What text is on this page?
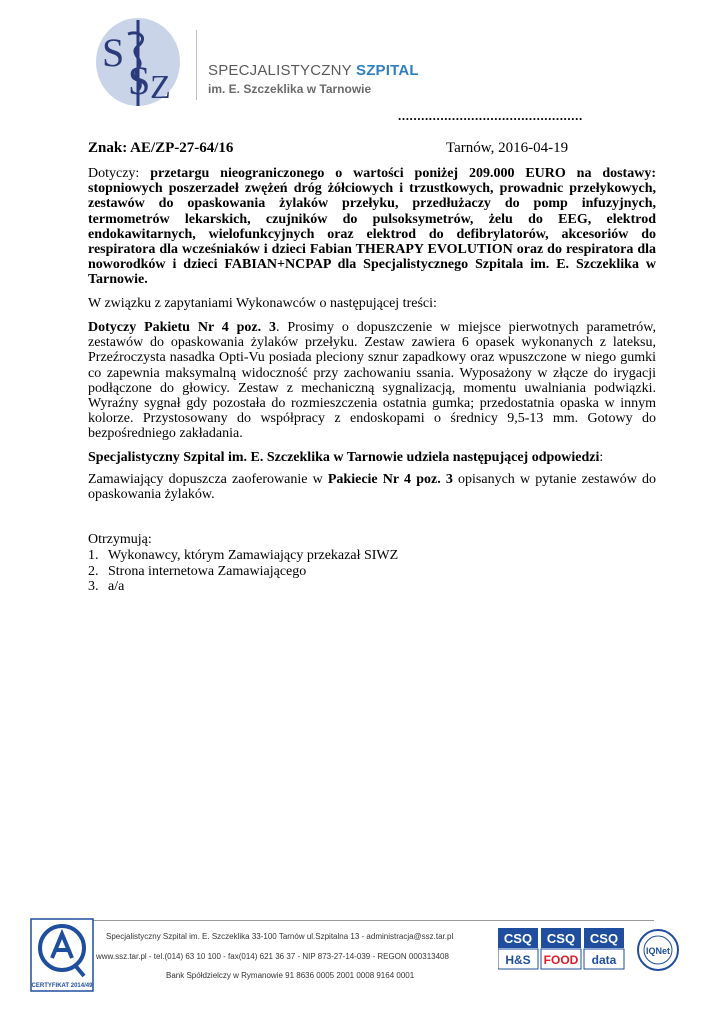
S
S Z SPECJALISTYCZNY SZPITAL
im. E. Szczeklika w Tarnowie
................................................
Znak: AE/ZP-27-64/16	Tarnów, 2016-04-19
Dotyczy: przetargu nieograniczonego o wartości poniżej 209.000 EURO na dostawy: stopniowych poszerzadeł zwężeń dróg żółciowych i trzustkowych, prowadnic przełykowych, zestawów do opaskowania żylaków przełyku, przedłużaczy do pomp infuzyjnych, termometrów lekarskich, czujników do pulsoksymetrów, żelu do EEG, elektrod endokawitarnych, wielofunkcyjnych oraz elektrod do defibrylatorów, akcesoriów do respiratora dla wcześniaków i dzieci Fabian THERAPY EVOLUTION oraz do respiratora dla noworodków i dzieci FABIAN+NCPAP dla Specjalistycznego Szpitala im. E. Szczeklika w Tarnowie.
W związku z zapytaniami Wykonawców o następującej treści:
Dotyczy Pakietu Nr 4 poz. 3. Prosimy o dopuszczenie w miejsce pierwotnych parametrów, zestawów do opaskowania żylaków przełyku. Zestaw zawiera 6 opasek wykonanych z lateksu, Przeźroczysta nasadka Opti-Vu posiada pleciony sznur zapadkowy oraz wpuszczone w niego gumki co zapewnia maksymalną widoczność przy zachowaniu ssania. Wyposażony w złącze do irygacji podłączone do głowicy. Zestaw z mechaniczną sygnalizacją, momentu uwalniania podwiązki. Wyraźny sygnał gdy pozostała do rozmieszczenia ostatnia gumka; przedostatnia opaska w innym kolorze. Przystosowany do współpracy z endoskopami o średnicy 9,5-13 mm. Gotowy do bezpośredniego zakładania.
Specjalistyczny Szpital im. E. Szczeklika w Tarnowie udziela następującej odpowiedzi:
Zamawiający dopuszcza zaoferowanie w Pakiecie Nr 4 poz. 3 opisanych w pytanie zestawów do opaskowania żylaków.
Otrzymują:
1. Wykonawcy, którym Zamawiający przekazał SIWZ
2. Strona internetowa Zamawiającego
3. a/a
CERTYFIKAT 2014/49
Specjalistyczny Szpital im. E. Szczeklika 33-100 Tarnów ul.Szpitalna 13 - administracja@ssz.tar.pl
www.ssz.tar.pl - tel.(014) 63 10 100 - fax(014) 621 36 37 - NIP 873-27-14-039 - REGON 000313408
Bank Spółdzielczy w Rymanowie 91 8636 0005 2001 0008 9164 0001
CSQ CSQ CSQ
H&S FOOD data
IQNet
